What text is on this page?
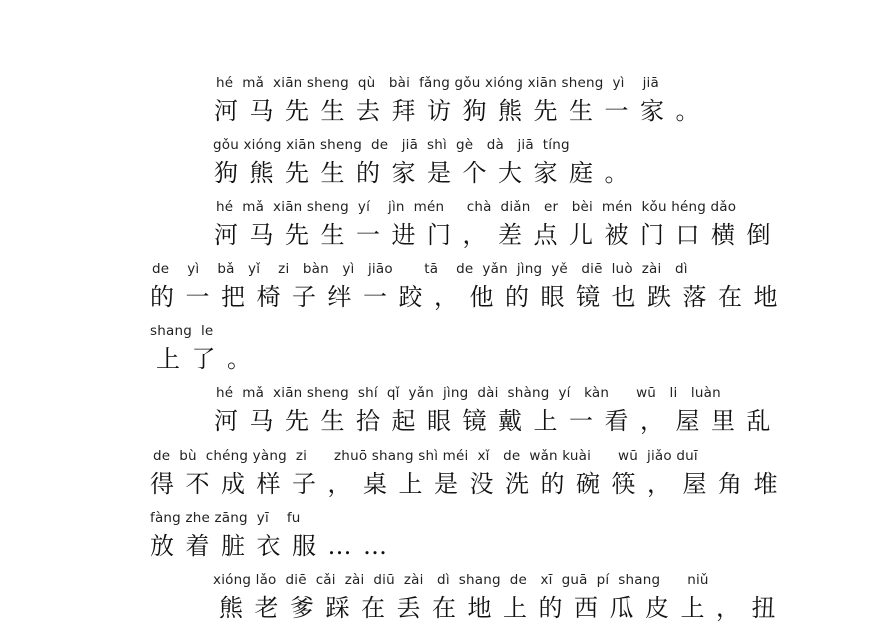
hé  mǎ  xiān sheng  qù   bài  fǎng gǒu xióng xiān sheng  yì    jiā
河马先生去拜访狗熊先生一家。
gǒu xióng xiān sheng  de   jiā  shì  gè   dà   jiā  tíng
狗熊先生的家是个大家庭。
hé  mǎ  xiān sheng  yí    jìn  mén     chà  diǎn   er   bèi  mén  kǒu héng dǎo
河马先生一进门，差点儿被门口横倒
de    yì    bǎ   yǐ    zi   bàn   yì   jiāo       tā    de  yǎn  jìng  yě   diē  luò  zài   dì
的一把椅子绊一跤，他的眼镜也跌落在地
shang  le
上了。
hé  mǎ  xiān sheng  shí  qǐ  yǎn  jìng  dài  shàng  yí   kàn      wū   li   luàn
河马先生拾起眼镜戴上一看，屋里乱
de  bù  chéng yàng  zi      zhuō shang shì méi  xǐ   de  wǎn kuài      wū  jiǎo duī
得不成样子，桌上是没洗的碗筷，屋角堆
fàng zhe zāng  yī    fu
放着脏衣服……
xióng lǎo  diē  cǎi  zài  diū  zài   dì  shang  de   xī  guā  pí  shang      niǔ
熊老爹踩在丢在地上的西瓜皮上，扭
